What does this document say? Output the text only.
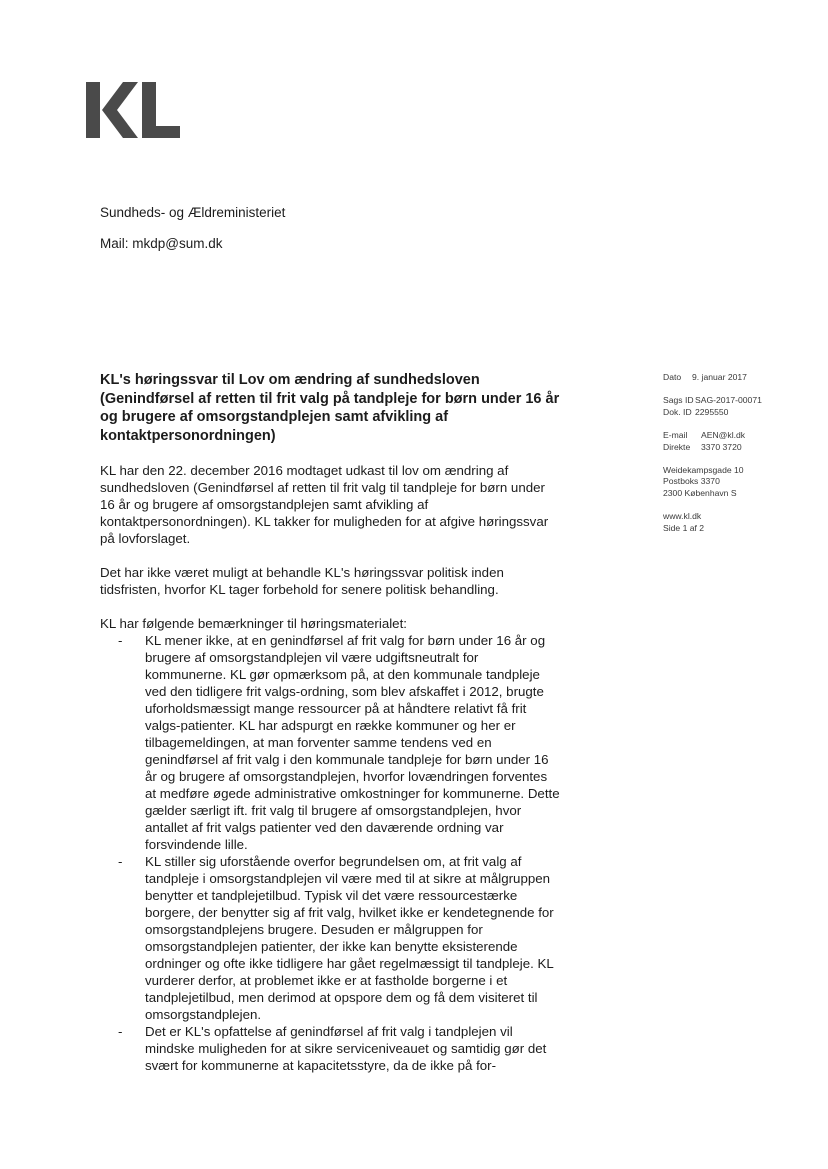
Sundheds- og Ældreministeriet
Mail: mkdp@sum.dk
Dato 9. januar 2017
Sags IDSAG-2017-00071
Dok. ID 2295550
E-mail AEN@kl.dk
Direkte 3370 3720
Weidekampsgade 10
Postboks 3370
2300 København S
www.kl.dk
Side 1 af 2
KL's høringssvar til Lov om ændring af sundhedsloven (Genindførsel af retten til frit valg på tandpleje for børn under 16 år og brugere af omsorgstandplejen samt afvikling af kontaktpersonordningen)

KL har den 22. december 2016 modtaget udkast til lov om ændring af sundhedsloven (Genindførsel af retten til frit valg til tandpleje for børn under 16 år og brugere af omsorgstandplejen samt afvikling af kontaktpersonordningen). KL takker for muligheden for at afgive høringssvar på lovforslaget.

Det har ikke været muligt at behandle KL's høringssvar politisk inden tidsfristen, hvorfor KL tager forbehold for senere politisk behandling.

KL har følgende bemærkninger til høringsmaterialet:
- KL mener ikke, at en genindførsel af frit valg for børn under 16 år og brugere af omsorgstandplejen vil være udgiftsneutralt for kommunerne. KL gør opmærksom på, at den kommunale tandpleje ved den tidligere frit valgs-ordning, som blev afskaffet i 2012, brugte uforholdsmæssigt mange ressourcer på at håndtere relativt få frit valgs-patienter. KL har adspurgt en række kommuner og her er tilbagemeldingen, at man forventer samme tendens ved en genindførsel af frit valg i den kommunale tandpleje for børn under 16 år og brugere af omsorgstandplejen, hvorfor lovændringen forventes at medføre øgede administrative omkostninger for kommunerne. Dette gælder særligt ift. frit valg til brugere af omsorgstandplejen, hvor antallet af frit valgs patienter ved den daværende ordning var forsvindende lille.
- KL stiller sig uforstående overfor begrundelsen om, at frit valg af tandpleje i omsorgstandplejen vil være med til at sikre at målgruppen benytter et tandplejetilbud. Typisk vil det være ressourcestærke borgere, der benytter sig af frit valg, hvilket ikke er kendetegnende for omsorgstandplejens brugere. Desuden er målgruppen for omsorgstandplejen patienter, der ikke kan benytte eksisterende ordninger og ofte ikke tidligere har gået regelmæssigt til tandpleje. KL vurderer derfor, at problemet ikke er at fastholde borgerne i et tandplejetilbud, men derimod at opspore dem og få dem visiteret til omsorgstandplejen.
- Det er KL's opfattelse af genindførsel af frit valg i tandplejen vil mindske muligheden for at sikre serviceniveauet og samtidig gør det svært for kommunerne at kapacitetsstyre, da de ikke på for-
